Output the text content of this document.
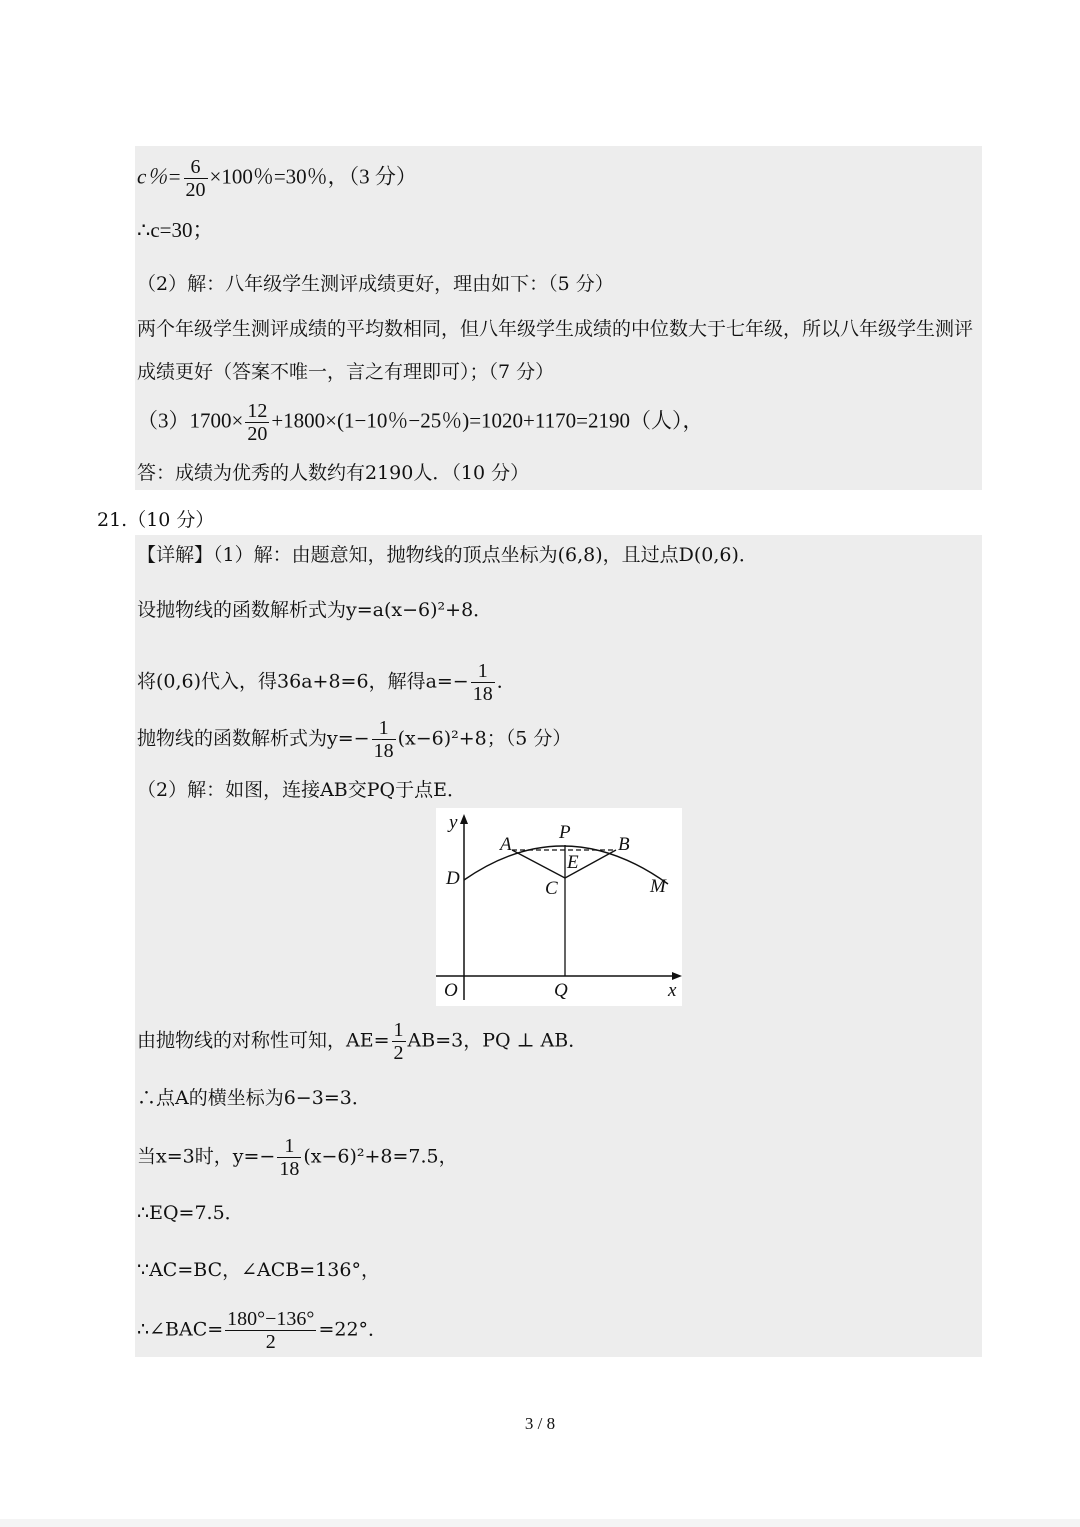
c％= $\frac{6}{20} \times 100$％=30％，（3 分）
∴c=30；
（2）解：八年级学生测评成绩更好，理由如下：（5 分）
两个年级学生测评成绩的平均数相同，但八年级学生成绩的中位数大于七年级，所以八年级学生测评
成绩更好（答案不唯一，言之有理即可）；（7 分）
$(3)1700\times \frac{12}{20} +1800\times(1-10$％−25％)=1020+1170=2190（人），
答：成绩为优秀的人数约有2190人．（10 分）
21.（10 分）
【详解】（1）解：由题意知，抛物线的顶点坐标为(6,8)，且过点D(0,6)．
设抛物线的函数解析式为y=a(x−6)²+8．
将(0,6)代入，得36a+8=6，解得$a=- \frac{1}{18}$ ．
抛物线的函数解析式为$y=- \frac{1}{18} (x-6)^2+8$；（5 分）
（2）解：如图，连接AB交PQ于点E．
y
x
O	Q
D
A
P
B
E
C	M
由抛物线的对称性可知，$AE= \frac{1}{2} AB=3$，PQ ⊥ AB．
∴点A的横坐标为6−3=3．
当x=3时，$y=- \frac{1}{18} (x-6)^2+8=7.5$，
∴EQ=7.5．
∵AC=BC，∠ACB=136°，
∴∠BAC= $\frac{180^\circ-136^\circ}{2} =22^\circ$．
3 / 8
